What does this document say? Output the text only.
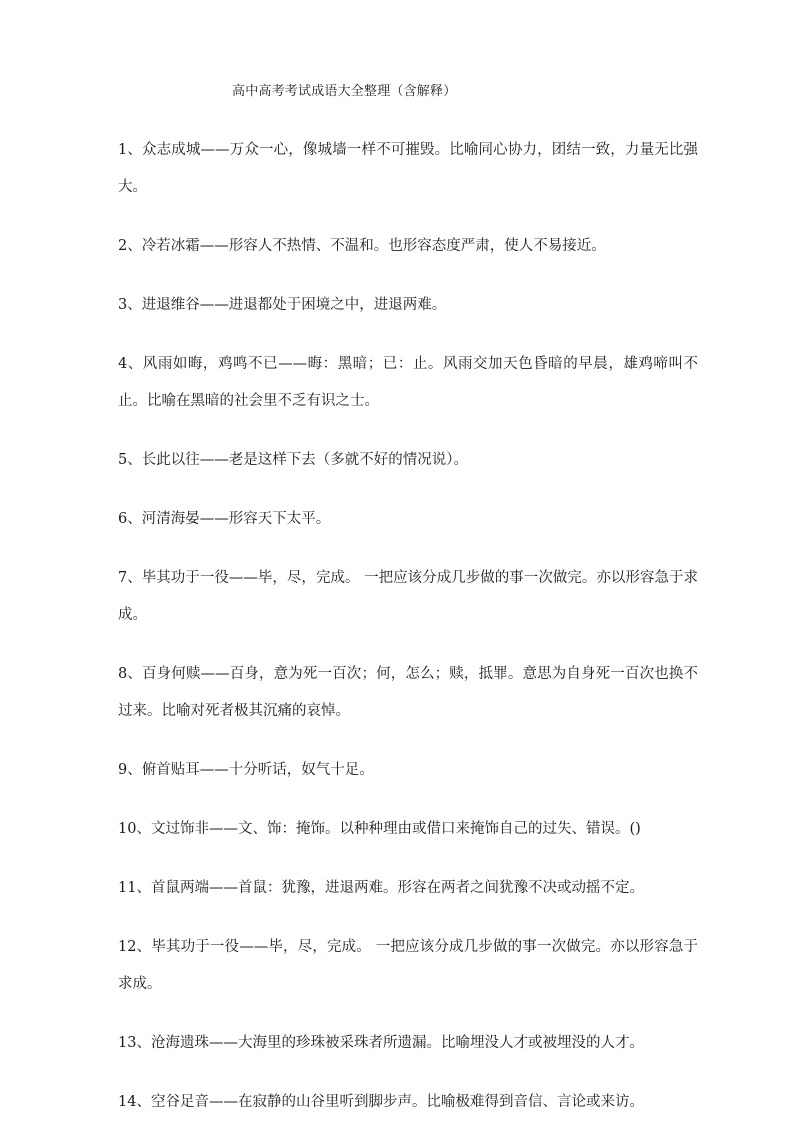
高中高考考试成语大全整理（含解释）

1、众志成城——万众一心，像城墙一样不可摧毁。比喻同心协力，团结一致，力量无比强大。

2、冷若冰霜——形容人不热情、不温和。也形容态度严肃，使人不易接近。

3、进退维谷——进退都处于困境之中，进退两难。

4、风雨如晦，鸡鸣不已——晦：黑暗；已：止。风雨交加天色昏暗的早晨，雄鸡啼叫不止。比喻在黑暗的社会里不乏有识之士。

5、长此以往——老是这样下去（多就不好的情况说）。

6、河清海晏——形容天下太平。

7、毕其功于一役——毕，尽，完成。 一把应该分成几步做的事一次做完。亦以形容急于求成。

8、百身何赎——百身，意为死一百次；何，怎么；赎，抵罪。意思为自身死一百次也换不过来。比喻对死者极其沉痛的哀悼。

9、俯首贴耳——十分听话，奴气十足。

10、文过饰非——文、饰：掩饰。以种种理由或借口来掩饰自己的过失、错误。()

11、首鼠两端——首鼠：犹豫，进退两难。形容在两者之间犹豫不决或动摇不定。

12、毕其功于一役——毕，尽，完成。 一把应该分成几步做的事一次做完。亦以形容急于求成。

13、沧海遗珠——大海里的珍珠被采珠者所遗漏。比喻埋没人才或被埋没的人才。

14、空谷足音——在寂静的山谷里听到脚步声。比喻极难得到音信、言论或来访。
